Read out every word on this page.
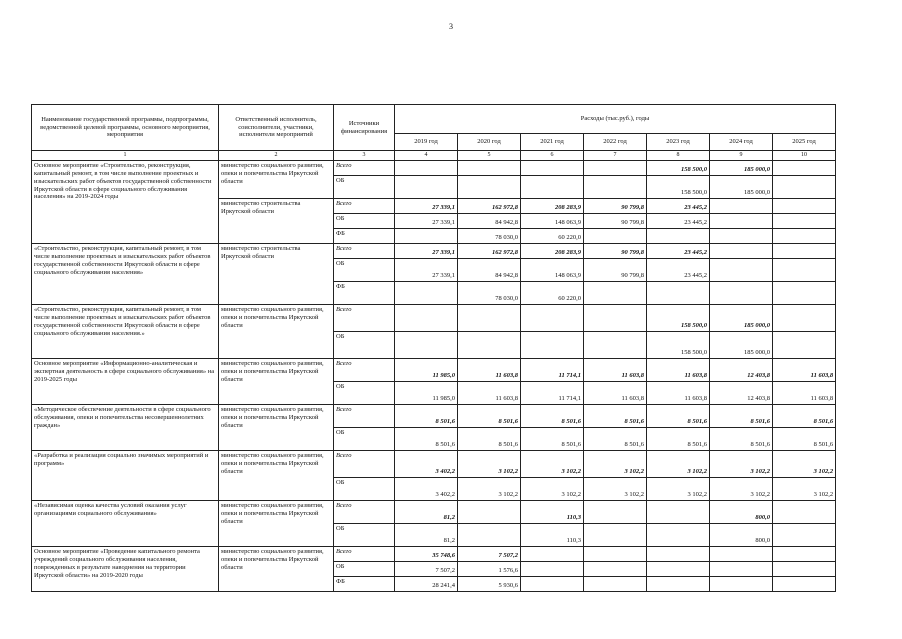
3
Наименование государственной программы, подпрограммы, ведомственной целевой программы, основного мероприятия, мероприятия	Ответственный исполнитель, соисполнители, участники, исполнители мероприятий	Источники финансирования	Расходы (тыс.руб.), годы						
			2019 год	2020 год	2021 год	2022 год	2023 год	2024 год	2025 год
1	2	3	4	5	6	7	8	9	10
Основное мероприятие «Строительство, реконструкция, капитальный ремонт, в том числе выполнение проектных и изыскательских работ объектов государственной собственности Иркутской области в сфере социального обслуживания населения» на 2019-2024 годы	министерство социального развития, опеки и попечительства Иркутской области	Всего					158 500,0	185 000,0	
		ОБ					158 500,0	185 000,0	
	министерство строительства Иркутской области	Всего	27 339,1	162 972,8	208 283,9	90 799,8	23 445,2		
		ОБ	27 339,1	84 942,8	148 063,9	90 799,8	23 445,2		
		ФБ		78 030,0	60 220,0				
«Строительство, реконструкция, капитальный ремонт, в том числе выполнение проектных и изыскательских работ объектов государственной собственности Иркутской области в сфере социального обслуживания населения»	министерство строительства Иркутской области	Всего	27 339,1	162 972,8	208 283,9	90 799,8	23 445,2		
		ОБ	27 339,1	84 942,8	148 063,9	90 799,8	23 445,2		
		ФБ		78 030,0	60 220,0				
«Строительство, реконструкция, капитальный ремонт, в том числе выполнение проектных и изыскательских работ объектов государственной собственности Иркутской области в сфере социального обслуживания населения.»	министерство социального развития, опеки и попечительства Иркутской области	Всего					158 500,0	185 000,0	
		ОБ					158 500,0	185 000,0	
Основное мероприятие «Информационно-аналитическая и экспертная деятельность в сфере социального обслуживания» на 2019-2025 годы	министерство социального развития, опеки и попечительства Иркутской области	Всего	11 985,0	11 603,8	11 714,1	11 603,8	11 603,8	12 403,8	11 603,8
		ОБ	11 985,0	11 603,8	11 714,1	11 603,8	11 603,8	12 403,8	11 603,8
«Методическое обеспечение деятельности в сфере социального обслуживания, опеки и попечительства несовершеннолетних граждан»	министерство социального развития, опеки и попечительства Иркутской области	Всего	8 501,6	8 501,6	8 501,6	8 501,6	8 501,6	8 501,6	8 501,6
		ОБ	8 501,6	8 501,6	8 501,6	8 501,6	8 501,6	8 501,6	8 501,6
«Разработка и реализация социально значимых мероприятий и программ»	министерство социального развития, опеки и попечительства Иркутской области	Всего	3 402,2	3 102,2	3 102,2	3 102,2	3 102,2	3 102,2	3 102,2
		ОБ	3 402,2	3 102,2	3 102,2	3 102,2	3 102,2	3 102,2	3 102,2
«Независимая оценка качества условий оказания услуг организациями социального обслуживания»	министерство социального развития, опеки и попечительства Иркутской области	Всего	81,2		110,3			800,0	
		ОБ	81,2		110,3			800,0	
Основное мероприятие «Проведение капитального ремонта учреждений социального обслуживания населения, поврежденных в результате наводнения на территории Иркутской области» на 2019-2020 годы	министерство социального развития, опеки и попечительства Иркутской области	Всего	35 748,6	7 507,2					
		ОБ	7 507,2	1 576,6					
		ФБ	28 241,4	5 930,6					
